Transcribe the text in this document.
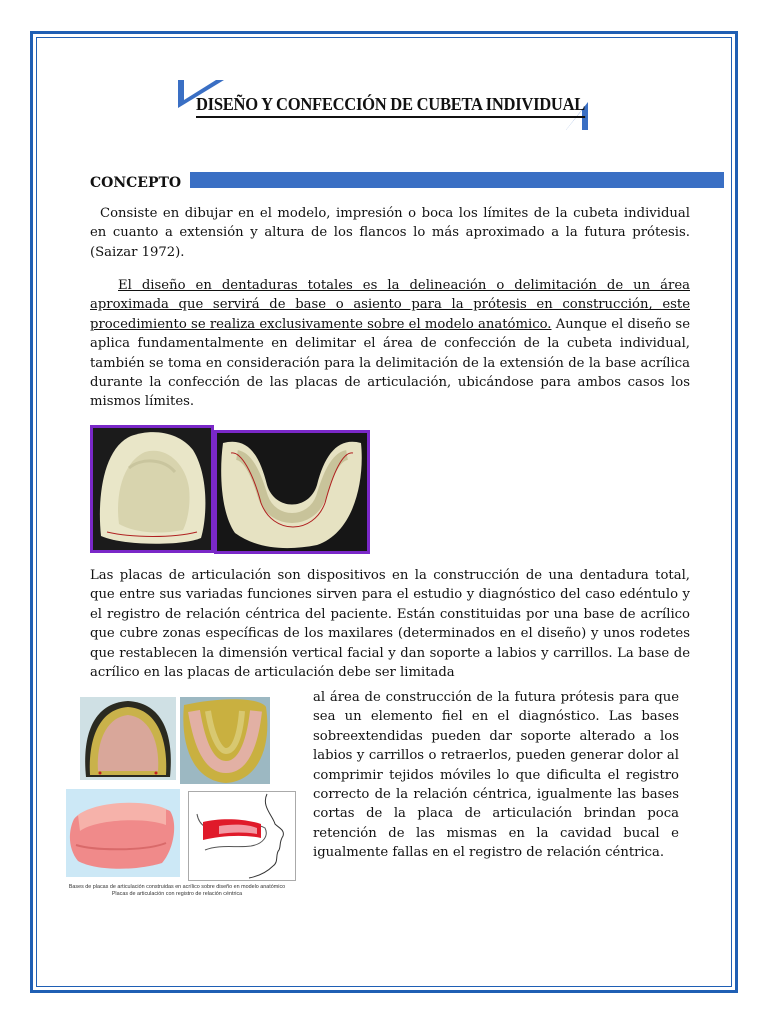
DISEÑO Y CONFECCIÓN DE CUBETA INDIVIDUAL
CONCEPTO

Consiste en dibujar en el modelo, impresión o boca los límites de la cubeta individual en cuanto a extensión y altura de los flancos lo más aproximado a la futura prótesis. (Saizar 1972).

El diseño en dentaduras totales es la delineación o delimitación de un área aproximada que servirá de base o asiento para la prótesis en construcción, este procedimiento se realiza exclusivamente sobre el modelo anatómico. Aunque el diseño se aplica fundamentalmente en delimitar el área de confección de la cubeta individual, también se toma en consideración para la delimitación de la extensión de la base acrílica durante la confección de las placas de articulación, ubicándose para ambos casos los mismos límites.

Las placas de articulación son dispositivos en la construcción de una dentadura total, que entre sus variadas funciones sirven para el estudio y diagnóstico del caso edéntulo y el registro de relación céntrica del paciente. Están constituidas por una base de acrílico que cubre zonas específicas de los maxilares (determinados en el diseño) y unos rodetes que restablecen la dimensión vertical facial y dan soporte a labios y carrillos. La base de acrílico en las placas de articulación debe ser limitada

Bases de placas de articulación construidas en acrílico sobre diseño en modelo anatómico
Placas de articulación con registro de relación céntrica

al área de construcción de la futura prótesis para que sea un elemento fiel en el diagnóstico. Las bases sobreextendidas pueden dar soporte alterado a los labios y carrillos o retraerlos, pueden generar dolor al comprimir tejidos móviles lo que dificulta el registro correcto de la relación céntrica, igualmente las bases cortas de la placa de articulación brindan poca retención de las mismas en la cavidad bucal e igualmente fallas en el registro de relación céntrica.
